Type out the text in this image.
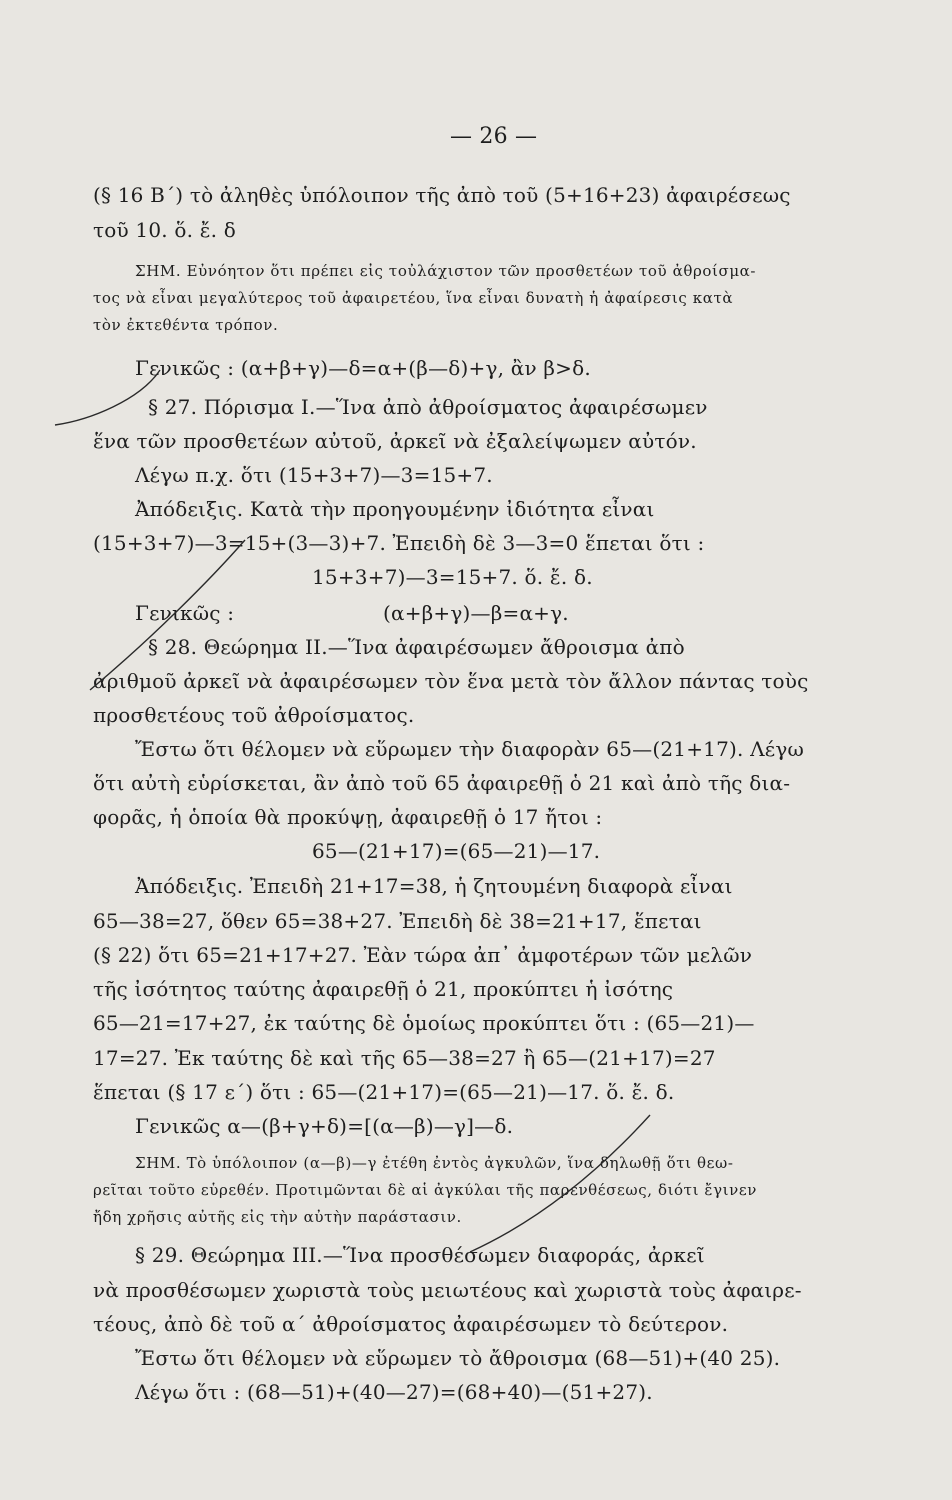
— 26 —
(§ 16 Β΄) τὸ ἀληθὲς ὑπόλοιπον τῆς ἀπὸ τοῦ (5+16+23) ἀφαιρέσεως
τοῦ 10. ὅ. ἔ. δ
ΣΗΜ. Εὐνόητον ὅτι πρέπει εἰς τοὐλάχιστον τῶν προσθετέων τοῦ ἀθροίσμα-
τος νὰ εἶναι μεγαλύτερος τοῦ ἀφαιρετέου, ἵνα εἶναι δυνατὴ ἡ ἀφαίρεσις κατὰ
τὸν ἐκτεθέντα τρόπον.
Γενικῶς : (α+β+γ)—δ=α+(β—δ)+γ, ἂν β>δ.
§ 27. Πόρισμα I.—Ἵνα ἀπὸ ἀθροίσματος ἀφαιρέσωμεν
ἕνα τῶν προσθετέων αὐτοῦ, ἀρκεῖ νὰ ἐξαλείψωμεν αὐτόν.
Λέγω π.χ. ὅτι (15+3+7)—3=15+7.
Ἀπόδειξις. Κατὰ τὴν προηγουμένην ἰδιότητα εἶναι
(15+3+7)—3=15+(3—3)+7. Ἐπειδὴ δὲ 3—3=0 ἕπεται ὅτι :
15+3+7)—3=15+7. ὅ. ἔ. δ.
Γενικῶς :	(α+β+γ)—β=α+γ.
§ 28. Θεώρημα II.—Ἵνα ἀφαιρέσωμεν ἄθροισμα ἀπὸ
ἀριθμοῦ ἀρκεῖ νὰ ἀφαιρέσωμεν τὸν ἕνα μετὰ τὸν ἄλλον πάντας τοὺς
προσθετέους τοῦ ἀθροίσματος.
Ἔστω ὅτι θέλομεν νὰ εὕρωμεν τὴν διαφορὰν 65—(21+17). Λέγω
ὅτι αὐτὴ εὑρίσκεται, ἂν ἀπὸ τοῦ 65 ἀφαιρεθῇ ὁ 21 καὶ ἀπὸ τῆς δια-
φορᾶς, ἡ ὁποία θὰ προκύψῃ, ἀφαιρεθῇ ὁ 17 ἤτοι :
65—(21+17)=(65—21)—17.
Ἀπόδειξις. Ἐπειδὴ 21+17=38, ἡ ζητουμένη διαφορὰ εἶναι
65—38=27, ὅθεν 65=38+27. Ἐπειδὴ δὲ 38=21+17, ἕπεται
(§ 22) ὅτι 65=21+17+27. Ἐὰν τώρα ἀπ᾽ ἀμφοτέρων τῶν μελῶν
τῆς ἰσότητος ταύτης ἀφαιρεθῇ ὁ 21, προκύπτει ἡ ἰσότης
65—21=17+27, ἐκ ταύτης δὲ ὁμοίως προκύπτει ὅτι : (65—21)—
17=27. Ἐκ ταύτης δὲ καὶ τῆς 65—38=27 ἢ 65—(21+17)=27
ἕπεται (§ 17 ε΄) ὅτι : 65—(21+17)=(65—21)—17. ὅ. ἔ. δ.
Γενικῶς α—(β+γ+δ)=[(α—β)—γ]—δ.
ΣΗΜ. Τὸ ὑπόλοιπον (α—β)—γ ἐτέθη ἐντὸς ἀγκυλῶν, ἵνα δηλωθῇ ὅτι θεω-
ρεῖται τοῦτο εὑρεθέν. Προτιμῶνται δὲ αἱ ἀγκύλαι τῆς παρενθέσεως, διότι ἔγινεν
ἤδη χρῆσις αὐτῆς εἰς τὴν αὐτὴν παράστασιν.
§ 29. Θεώρημα III.—Ἵνα προσθέσωμεν διαφοράς, ἀρκεῖ
νὰ προσθέσωμεν χωριστὰ τοὺς μειωτέους καὶ χωριστὰ τοὺς ἀφαιρε-
τέους, ἀπὸ δὲ τοῦ α΄ ἀθροίσματος ἀφαιρέσωμεν τὸ δεύτερον.
Ἔστω ὅτι θέλομεν νὰ εὕρωμεν τὸ ἄθροισμα (68—51)+(40 25).
Λέγω ὅτι : (68—51)+(40—27)=(68+40)—(51+27).
